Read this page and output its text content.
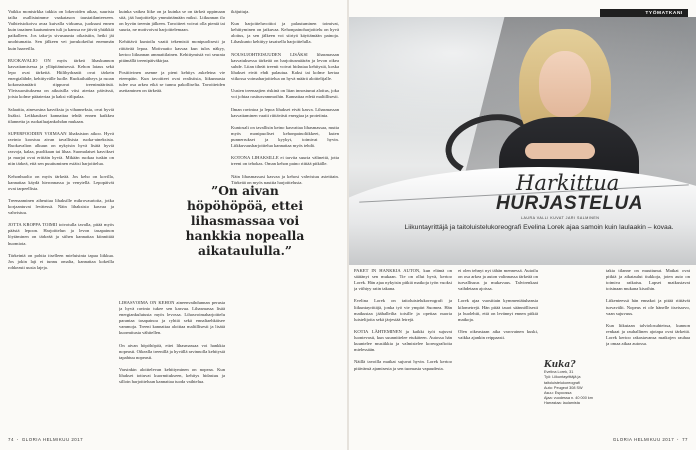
Vaikka monisirkka takkia on lokeroiden aikaa, suurista tailta osallistuimme vaakatason taustatilanteeseen. Vaihteistokoivu avaa kuivalla virkunsa, juoksuni ennen kuin tasainen kaatuminen tuli ja kanssa ne jäivät yhtäkkiä paikalleen. Jos taka-ja sivusuunta oikaistiin, hetki jäi unohtumatta. Sen jälkeen vei jarrukokeilut enemmän kuin haaveilla.

RUOKAVALIO ON myös tärkeä lihaskunnon kasvattamisessa ja ylläpitämisessä. Kehon lataus sekä lepo ovat tärkeitä. Hiilihydraatit ovat tärkein energialähde, kehittyvälle luolle. Ruokailutiheys ja ruoan kokonaismäärä riippuvat treenimäärästä. Yleissuosituksena on aikuisilla viisi ateriaa päivässä, joista kolme pääateriaa ja kaksi välipalaa.

Salaattia, ainesosina kasviksia ja vihanneksia, ovat hyviä lisäksi. Leikkaukset kannattaa tehdä ennen kaikkea tilannetta ja ruokailuajankohdan mukaan.

SUPERFOODIEN VOIMAAN lihaksiston aikoo. Hyvä ravinto koostuu aivan tavallisista ruoka-aineksista. Ruokavalion alkuun on nykyisin hyvä lisätä hyviä rasvoja, kalaa, puolikaan tai lihaa. Suomalaiset kasvikset ja marjat ovat erittäin hyviä. Mikään ruokaa tuskin on niin tärkeä, että sen puuttuminen estäisi harjoittelua.

Kehonhuolto on myös tärkeää. Jos keho on kovilla, kannattaa käydä hieronnassa ja venytellä. Lepopäivät ovat tarpeellisia.

Treenaaminen aiheuttaa lihaksille mikrovaurioita, jotka korjaantuvat levätessä. Näin lihaksisto kasvaa ja vahvistuu.

JOTTA KROPPA TOIMII toivotulla tavalla, pitää myös päästä lepoon. Harjoittelun ja levon tasapainon löytäminen on tärkeää ja siihen kannattaa kiinnittää huomiota.

Tärkeintä on pohtia itselleen mieluisinta tapaa liikkua. Jos jokin laji ei tunnu omalta, kannattaa kokeilla rohkeasti uusia lajeja.

kuinka vaikea liike on ja kuinka se on tärkeä oppimaan sitä, jää harjoittelija ymmärtämään miksi. Liikunnan ilo on hyvän treenin jälkeen. Tavoitteet voivat olla pieniä tai suuria, ne motivoivat harjoittelemaan.

Kehittävä kuntoilu vaatii tekemistä monipuolisesti ja riittävää lepoa. Motivaatio kasvaa kun tulos näkyy, kertoo liikunnan ammattilainen. Kehittymistä voi seurata pitämällä treenipäiväkirjaa.

Positiivinen asenne ja pieni kehitys askeleina vie eteenpäin. Kun tavoitteet ovat realistisia, liikunnasta tulee osa arkea eikä se tunnu pakolliselta. Tavoitteiden asettaminen on tärkeää.

”On aivan höpöhöpöä, ettei lihasmassaa voi hankkia nopealla aikataululla.”

LIHASVOIMA ON KEHON aineenvaihdunnan perusta ja hyvä ravinto tukee sen kasvua. Lihasmassa lisää energiankulutusta myös levossa. Lihasvoimaharjoittelu parantaa tasapainoa ja ryhtiä sekä ennaltaehkäisee vammoja. Treeni kannattaa aloittaa maltillisesti ja lisätä kuormitusta vähitellen.

On aivan höpöhöpöä, ettei lihasmassaa voi hankkia nopeasti. Oikealla treenillä ja hyvällä ravinnolla kehitystä tapahtuu nopeasti.

Varsinkin aloittelevan kehittyminen on nopeaa. Kun lihakset tottuvat kuormitukseen, kehitys hidastuu ja silloin harjoitteluun kannattaa tuoda vaihtelua.

ikäjuttuja.

Kun harjoitteluvoittoi ja palautuminen toimivat, kehittyminen on jatkuvaa. Kehonpainoharjoittelu on hyvä aloitus, ja sen jälkeen voi siirtyä käyttämään painoja. Lihaskunto kehittyy tasaisella harjoittelulla.

NOUSUJOHTEISUUDEN LISÄKSI lihasmassan kasvatuksessa tärkeää on harjoitusmäärän ja levon oikea suhde. Liian tiheät treenit voivat hidastaa kehitystä, koska lihakset eivät ehdi palautua. Kaksi tai kolme kertaa viikossa voimaharjoittelua on hyvä määrä aloittelijalle.

Uusien treenaajien riskinä on liian innostunut aloitus, joka voi johtaa rasitusvammoihin. Kannattaa edetä maltillisesti.

Ilman ravintoa ja lepoa lihakset eivät kasva. Lihasmassan kasvattaminen vaatii riittävästi energiaa ja proteiinia.

Kuntosali on tavallisin keino kasvattaa lihasmassaa, mutta myös monipuoliset kehonpainoliikkeet, kuten punnerrukset ja kyykyt, toimivat hyvin. Liikkuvuusharjoittelua kannattaa myös tehdä.

KOTONA LIHAKSILLE ei tarvita suuria välineitä, jotta treeni on tehokas. Oman kehon paino riittää pitkälle.

Näin lihasmassasi kasvaa ja kehosi vahvistuu asteittain. Tärkeää on myös nauttia harjoittelusta.

74 · GLORIA HELMIKUU 2017
TYÖMATKANI
Harkittua
HURJASTELUA
LAURA VALLI KUVAT JARI SALMINEN
Liikuntayrittäjä ja taitoluistelukoreografi Evelina Lorek ajaa samoin kuin laulaakin – kovaa.

PAKET IN HANKKIA AUTON, kun elämä on säätänyt sen mukaan. Tie on ollut hyvä, kertoo Lorek. Hän ajaa nykyisin pitkiä matkoja työn vuoksi ja viihtyy ratin takana.

Evelina Lorek on taitoluistelukoreografi ja liikuntayrittäjä, jonka työ vie ympäri Suomea. Hän matkustaa jäähalleilta toisille ja opettaa nuoria luistelijoita sekä järjestää leirejä.

KOTIA LÄHTEMINEN ja kaikki työt sujuvat luontevasti, kun suunnittelee etukäteen. Autossa hän kuuntelee musiikkia ja valmistelee koreografioita mielessään.

Näillä tavoilla matkat sujuvat hyvin. Lorek kertoo pitävänsä ajamisesta ja sen tuomasta vapaudesta.

ei olen tehnyt nyt tähän mennessä. Autoilu on osa arkea ja auton valinnassa tärkeää on turvallisuus ja mukavuus. Talvirenkaat vaihdetaan ajoissa.

Lorek ajaa vuosittain kymmeniätuhansia kilometrejä. Hän pitää tauot säännöllisesti ja huolehtii, että on levännyt ennen pitkiä matkoja.

Olen oikeastaan aika varovainen kuski, vaikka ajankin reippaasti.

Kuka?
Evelina Lorek, 31
Työ: Liikuntayrittäjä ja taitoluistelukoreografi
Auto: Peugeot 308 SW
Asuu: Espoossa
Ajaa: vuodessa n. 40 000 km
Harrastaa: laulamista

takia tilanne on muuttunut. Matkat ovat pitkiä ja aikataulut tiukkoja, joten auto on toimiva ratkaisu. Lapset matkustavat toisinaan mukana kisoihin.

Liikenteessä hän ennakoi ja pitää riittävät turvavälit. Nopeus ei ole hänelle itseisarvo, vaan sujuvuus.

Kun liikutaan talviolosuhteissa, kunnon renkaat ja rauhallinen ajotapa ovat tärkeitä. Lorek kertoo rakastavansa matkojen rauhaa ja omaa aikaa autossa.

GLORIA HELMIKUU 2017 · 77
